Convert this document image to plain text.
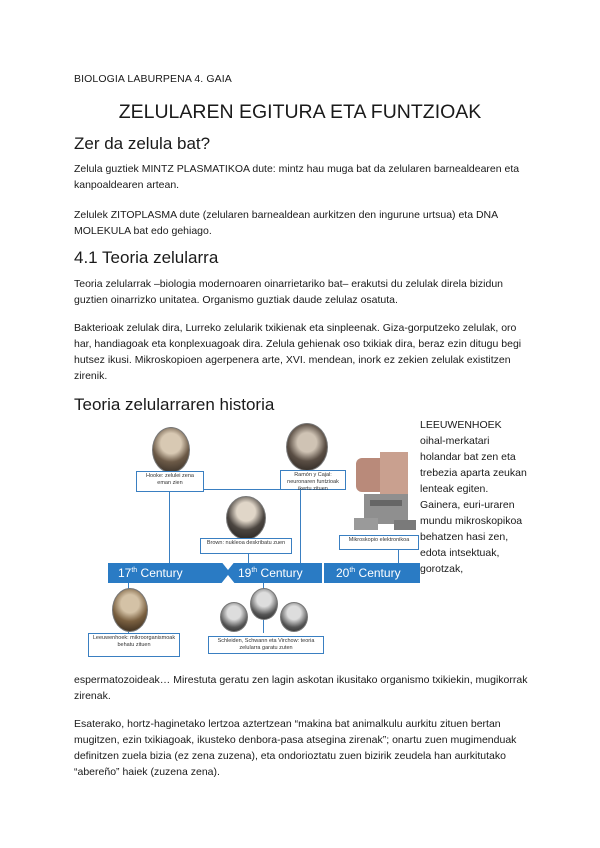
BIOLOGIA LABURPENA 4. GAIA

ZELULAREN EGITURA ETA FUNTZIOAK
Zer da zelula bat?

Zelula guztiek MINTZ PLASMATIKOA dute: mintz hau muga bat da zelularen barnealdearen eta kanpoaldearen artean.

Zelulek ZITOPLASMA dute (zelularen barnealdean aurkitzen den ingurune urtsua) eta DNA MOLEKULA bat edo gehiago.

4.1 Teoria zelularra

Teoria zelularrak –biologia modernoaren oinarrietariko bat– erakutsi du zelulak direla bizidun guztien oinarrizko unitatea. Organismo guztiak daude zelulaz osatuta.

Bakterioak zelulak dira, Lurreko zelularik txikienak eta sinpleenak. Giza-gorputzeko zelulak, oro har, handiagoak eta konplexuagoak dira. Zelula gehienak oso txikiak dira, beraz ezin ditugu begi hutsez ikusi. Mikroskopioen agerpenera arte, XVI. mendean, inork ez zekien zelulak existitzen zirenik.

Teoria zelularraren historia
Hooke: zelulei zena eman zien
Ramón y Cajal: neuronaren funtzioak ikertu zituen
Brown: nukleoa deskribatu zuen	Mikroskopio elektronikoa
Leeuwenhoek: mikroorganismoak behatu zituen
Schleiden, Schwann eta Virchow: teoria zelularra garatu zuten
17th Century	19th Century	20th Century

LEEUWENHOEK oihal-merkatari holandar bat zen eta trebezia aparta zeukan lenteak egiten. Gainera, euri-uraren mundu mikroskopikoa behatzen hasi zen, edota intsektuak, gorotzak,

espermatozoideak… Mirestuta geratu zen lagin askotan ikusitako organismo txikiekin, mugikorrak zirenak.

Esaterako, hortz-haginetako lertzoa aztertzean “makina bat animalkulu aurkitu zituen bertan mugitzen, ezin txikiagoak, ikusteko denbora-pasa atsegina zirenak”; onartu zuen mugimenduak definitzen zuela bizia (ez zena zuzena), eta ondorioztatu zuen bizirik zeudela han aurkitutako “abereño” haiek (zuzena zena).
